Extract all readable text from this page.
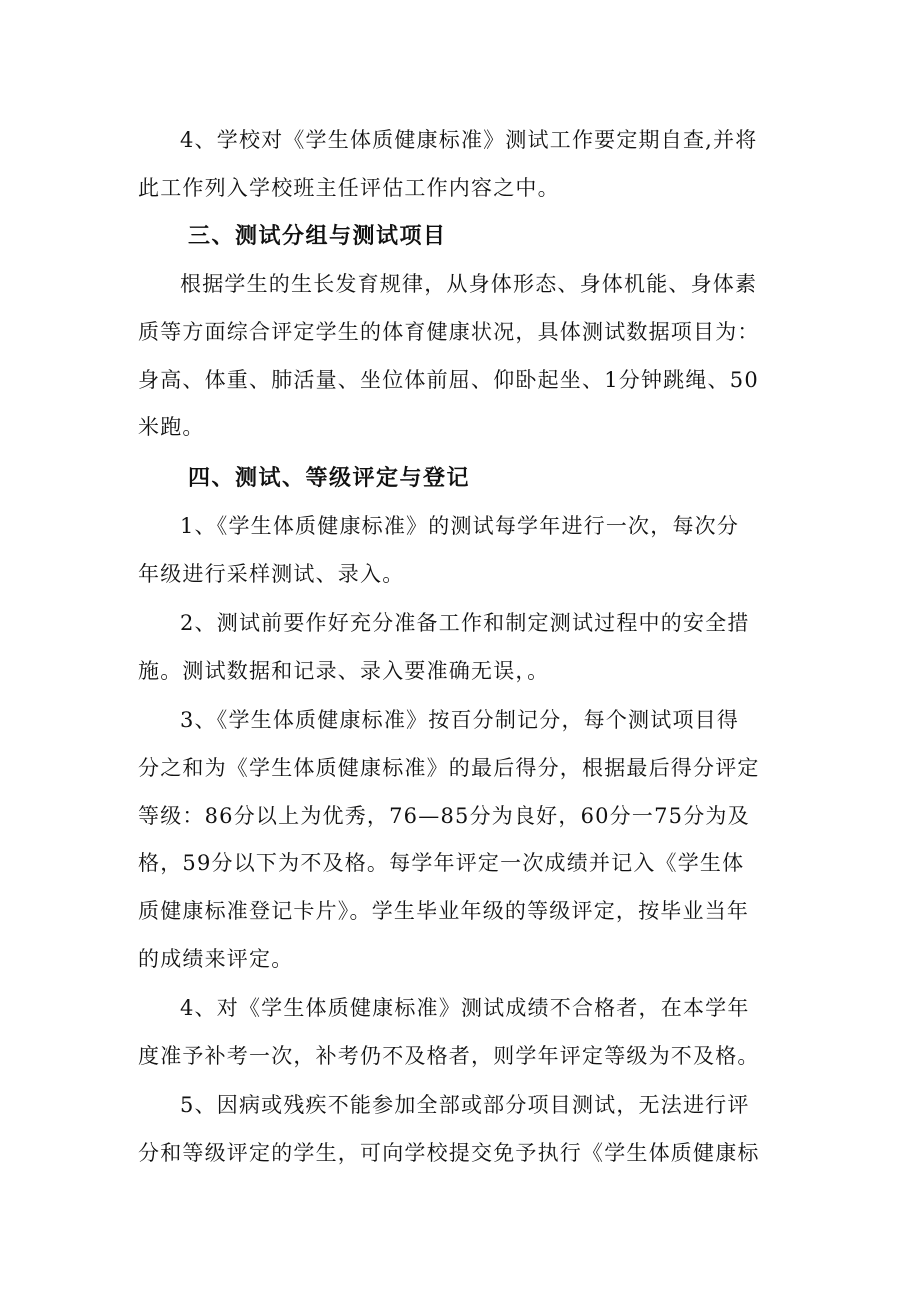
4、学校对《学生体质健康标准》测试工作要定期自查,并将
此工作列入学校班主任评估工作内容之中。
三、测试分组与测试项目
根据学生的生长发育规律，从身体形态、身体机能、身体素
质等方面综合评定学生的体育健康状况，具体测试数据项目为：
身高、体重、肺活量、坐位体前屈、仰卧起坐、1分钟跳绳、50
米跑。
四、测试、等级评定与登记
1、《学生体质健康标准》的测试每学年进行一次，每次分
年级进行采样测试、录入。
2、测试前要作好充分准备工作和制定测试过程中的安全措
施。测试数据和记录、录入要准确无误，。
3、《学生体质健康标准》按百分制记分，每个测试项目得
分之和为《学生体质健康标准》的最后得分，根据最后得分评定
等级：86分以上为优秀，76—85分为良好，60分一75分为及
格，59分以下为不及格。每学年评定一次成绩并记入《学生体
质健康标准登记卡片》。学生毕业年级的等级评定，按毕业当年
的成绩来评定。
4、对《学生体质健康标准》测试成绩不合格者，在本学年
度准予补考一次，补考仍不及格者，则学年评定等级为不及格。
5、因病或残疾不能参加全部或部分项目测试，无法进行评
分和等级评定的学生，可向学校提交免予执行《学生体质健康标
